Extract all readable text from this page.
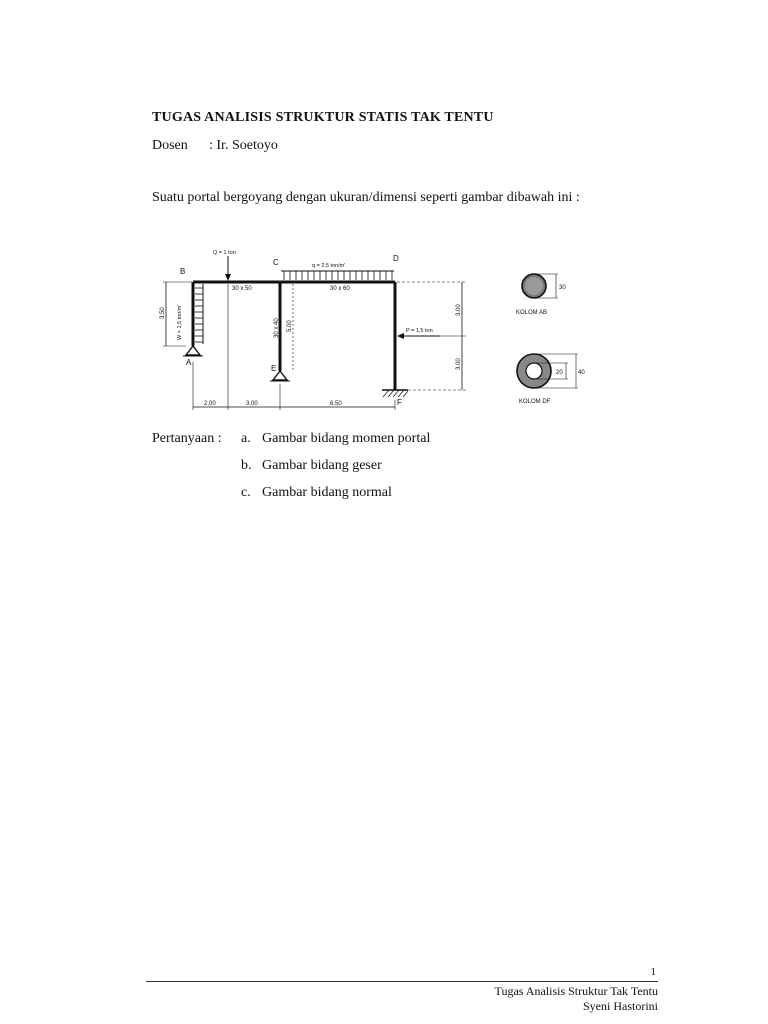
TUGAS ANALISIS STRUKTUR STATIS TAK TENTU
Dosen : Ir. Soetoyo
Suatu portal bergoyang dengan ukuran/dimensi seperti gambar dibawah ini :
B
C	D
A
E
F
Q = 1 ton
q = 2,5 ton/m'
P = 1,5 ton
W = 1,5 ton/m'
30 x 50	30 x 60
30 x 40
2.00	3.00	6.50
3.50
5.00
3.00
3.00
30
KOLOM AB
20	40
KOLOM DF
Pertanyaan : a. Gambar bidang momen portal
b. Gambar bidang geser
c. Gambar bidang normal
1
Tugas Analisis Struktur Tak Tentu
Syeni Hastorini
